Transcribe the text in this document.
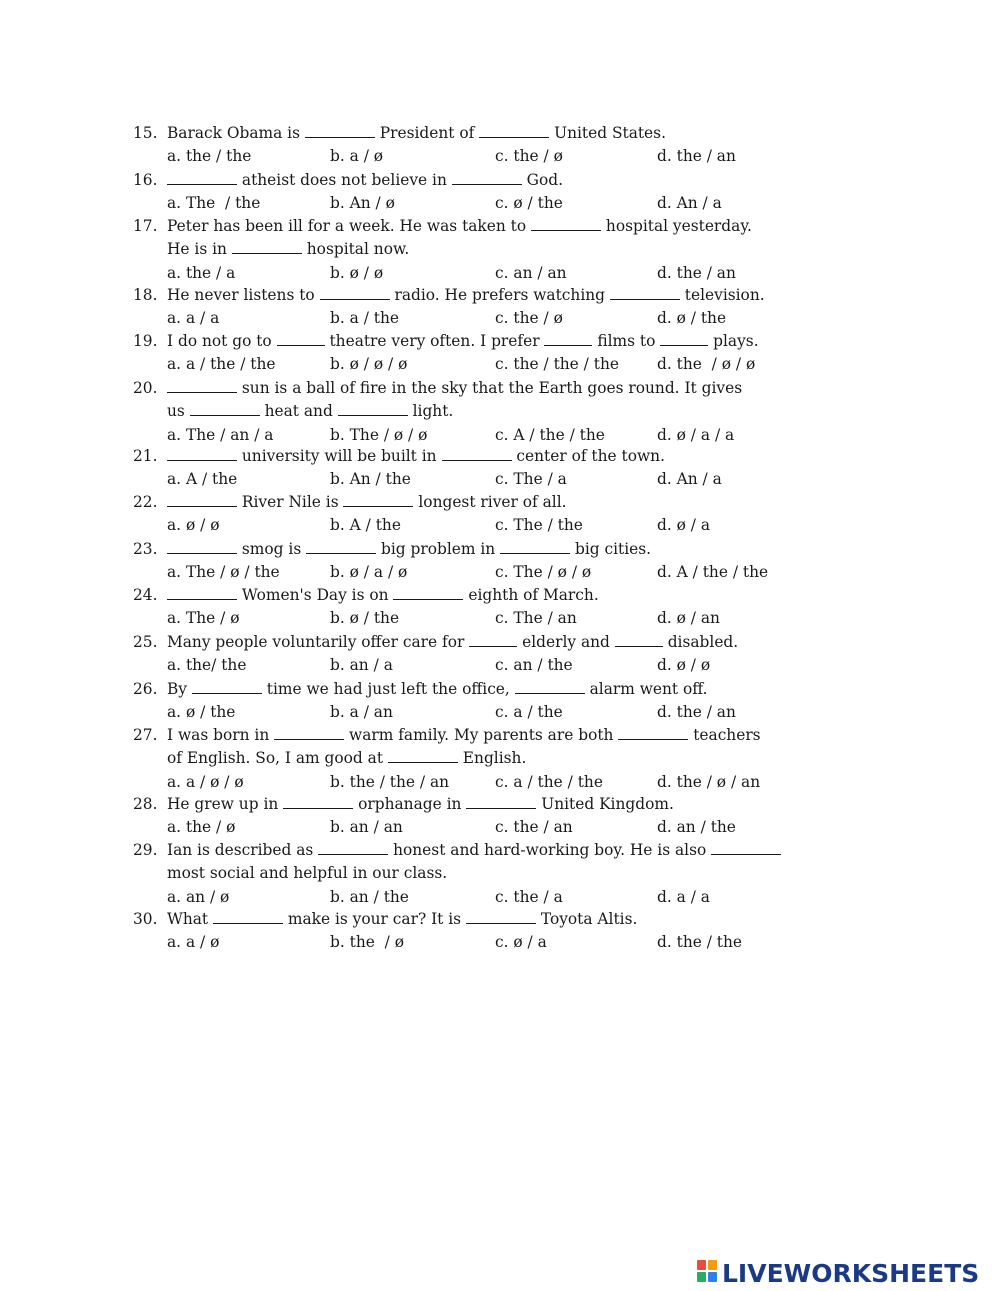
15. Barack Obama is	President of	United States.
a. the / the	b. a / ø	c. the / ø	d. the / an
16.	atheist does not believe in	God.
a. The  / the	b. An / ø	c. ø / the	d. An / a
17. Peter has been ill for a week. He was taken to	hospital yesterday.
He is in	hospital now.
a. the / a	b. ø / ø	c. an / an	d. the / an
18. He never listens to	radio. He prefers watching	television.
a. a / a	b. a / the	c. the / ø	d. ø / the
19. I do not go to	theatre very often. I prefer	films to	plays.
a. a / the / the	b. ø / ø / ø	c. the / the / the d. the  / ø / ø
20.	sun is a ball of fire in the sky that the Earth goes round. It gives
us	heat and	light.
a. The / an / a	b. The / ø / ø	c. A / the / the	d. ø / a / a
21.	university will be built in	center of the town.
a. A / the	b. An / the	c. The / a	d. An / a
22.	River Nile is	longest river of all.
a. ø / ø	b. A / the	c. The / the	d. ø / a
23.	smog is	big problem in	big cities.
a. The / ø / the	b. ø / a / ø	c. The / ø / ø	d. A / the / the
24.	Women's Day is on	eighth of March.
a. The / ø	b. ø / the	c. The / an	d. ø / an
25. Many people voluntarily offer care for	elderly and	disabled.
a. the/ the	b. an / a	c. an / the	d. ø / ø
26. By	time we had just left the office,	alarm went off.
a. ø / the	b. a / an	c. a / the	d. the / an
27. I was born in	warm family. My parents are both	teachers
of English. So, I am good at	English.
a. a / ø / ø	b. the / the / an	c. a / the / the	d. the / ø / an
28. He grew up in	orphanage in	United Kingdom.
a. the / ø	b. an / an	c. the / an	d. an / the
29. Ian is described as	honest and hard-working boy. He is also
most social and helpful in our class.
a. an / ø	b. an / the	c. the / a	d. a / a
30. What	make is your car? It is	Toyota Altis.
a. a / ø	b. the  / ø	c. ø / a	d. the / the
LIVEWORKSHEETS
